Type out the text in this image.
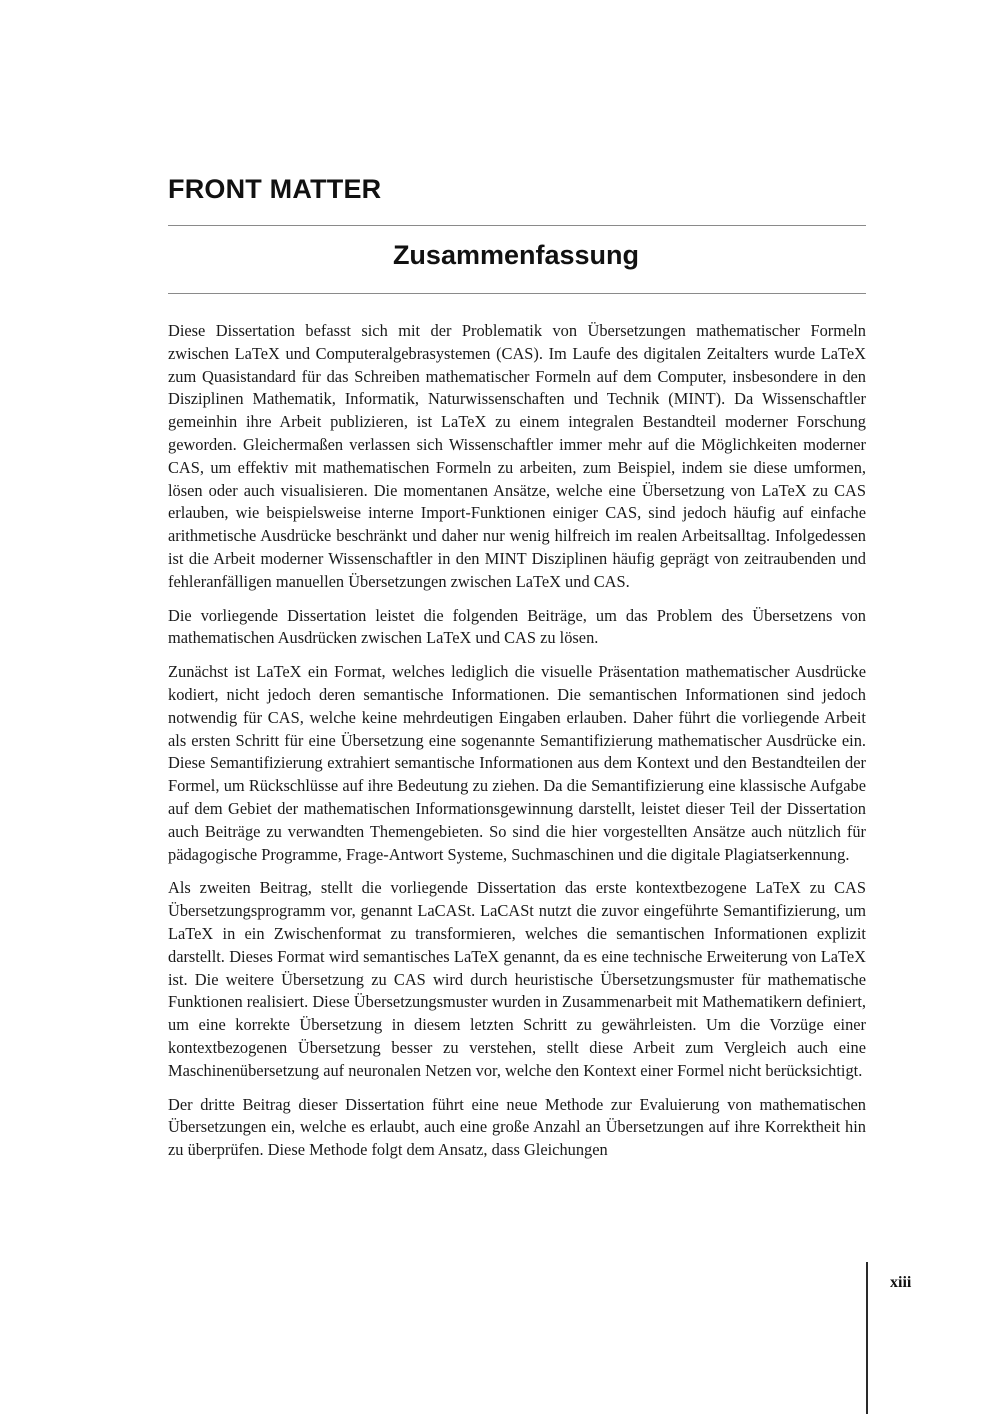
FRONT MATTER
Zusammenfassung

Diese Dissertation befasst sich mit der Problematik von Übersetzungen mathematischer Formeln zwischen LaTeX und Computeralgebrasystemen (CAS). Im Laufe des digitalen Zeitalters wurde LaTeX zum Quasistandard für das Schreiben mathematischer Formeln auf dem Computer, insbesondere in den Disziplinen Mathematik, Informatik, Naturwissenschaften und Technik (MINT). Da Wissenschaftler gemeinhin ihre Arbeit publizieren, ist LaTeX zu einem integralen Bestandteil moderner Forschung geworden. Gleichermaßen verlassen sich Wissenschaftler immer mehr auf die Möglichkeiten moderner CAS, um effektiv mit mathematischen Formeln zu arbeiten, zum Beispiel, indem sie diese umformen, lösen oder auch visualisieren. Die momentanen Ansätze, welche eine Übersetzung von LaTeX zu CAS erlauben, wie beispielsweise interne Import-Funktionen einiger CAS, sind jedoch häufig auf einfache arithmetische Ausdrücke beschränkt und daher nur wenig hilfreich im realen Arbeitsalltag. Infolgedessen ist die Arbeit moderner Wissenschaftler in den MINT Disziplinen häufig geprägt von zeitraubenden und fehleranfälligen manuellen Übersetzungen zwischen LaTeX und CAS.

Die vorliegende Dissertation leistet die folgenden Beiträge, um das Problem des Übersetzens von mathematischen Ausdrücken zwischen LaTeX und CAS zu lösen.

Zunächst ist LaTeX ein Format, welches lediglich die visuelle Präsentation mathematischer Ausdrücke kodiert, nicht jedoch deren semantische Informationen. Die semantischen Informationen sind jedoch notwendig für CAS, welche keine mehrdeutigen Eingaben erlauben. Daher führt die vorliegende Arbeit als ersten Schritt für eine Übersetzung eine sogenannte Semantifizierung mathematischer Ausdrücke ein. Diese Semantifizierung extrahiert semantische Informationen aus dem Kontext und den Bestandteilen der Formel, um Rückschlüsse auf ihre Bedeutung zu ziehen. Da die Semantifizierung eine klassische Aufgabe auf dem Gebiet der mathematischen Informationsgewinnung darstellt, leistet dieser Teil der Dissertation auch Beiträge zu verwandten Themengebieten. So sind die hier vorgestellten Ansätze auch nützlich für pädagogische Programme, Frage-Antwort Systeme, Suchmaschinen und die digitale Plagiatserkennung.

Als zweiten Beitrag, stellt die vorliegende Dissertation das erste kontextbezogene LaTeX zu CAS Übersetzungsprogramm vor, genannt LaCASt. LaCASt nutzt die zuvor eingeführte Semantifizierung, um LaTeX in ein Zwischenformat zu transformieren, welches die semantischen Informationen explizit darstellt. Dieses Format wird semantisches LaTeX genannt, da es eine technische Erweiterung von LaTeX ist. Die weitere Übersetzung zu CAS wird durch heuristische Übersetzungsmuster für mathematische Funktionen realisiert. Diese Übersetzungsmuster wurden in Zusammenarbeit mit Mathematikern definiert, um eine korrekte Übersetzung in diesem letzten Schritt zu gewährleisten. Um die Vorzüge einer kontextbezogenen Übersetzung besser zu verstehen, stellt diese Arbeit zum Vergleich auch eine Maschinenübersetzung auf neuronalen Netzen vor, welche den Kontext einer Formel nicht berücksichtigt.

Der dritte Beitrag dieser Dissertation führt eine neue Methode zur Evaluierung von mathematischen Übersetzungen ein, welche es erlaubt, auch eine große Anzahl an Übersetzungen auf ihre Korrektheit hin zu überprüfen. Diese Methode folgt dem Ansatz, dass Gleichungen

xiii
